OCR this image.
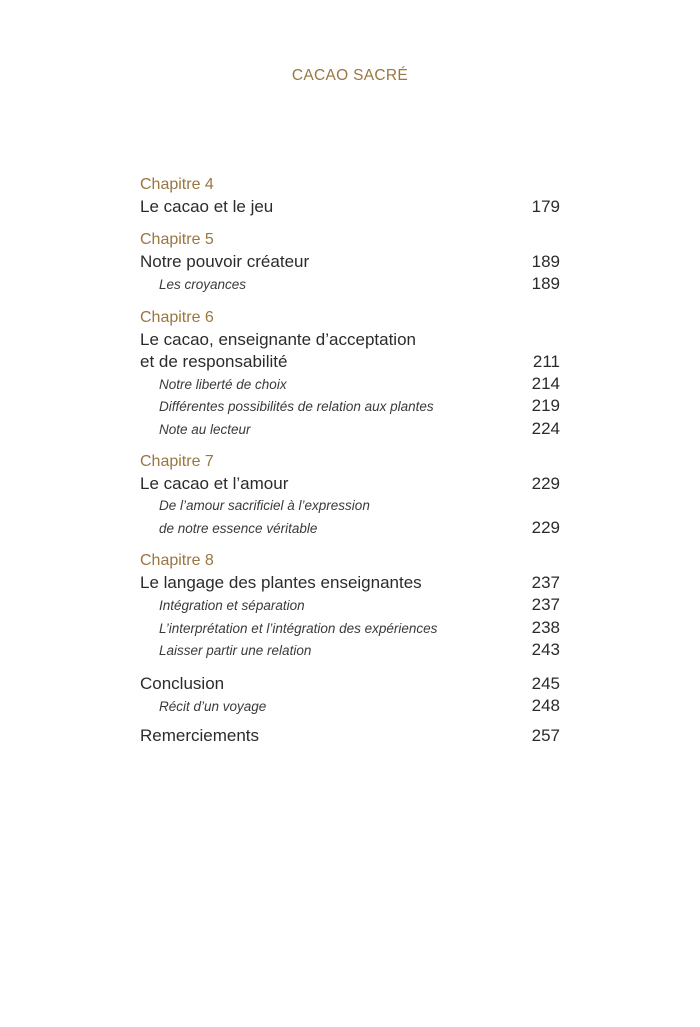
CACAO SACRÉ
Chapitre 4
Le cacao et le jeu	179
Chapitre 5
Notre pouvoir créateur	189
Les croyances	189
Chapitre 6
Le cacao, enseignante d’acceptation
et de responsabilité	211
Notre liberté de choix	214
Différentes possibilités de relation aux plantes	219
Note au lecteur	224
Chapitre 7
Le cacao et l’amour	229
De l’amour sacrificiel à l’expression
de notre essence véritable	229
Chapitre 8
Le langage des plantes enseignantes	237
Intégration et séparation	237
L’interprétation et l’intégration des expériences	238
Laisser partir une relation	243
Conclusion	245
Récit d’un voyage	248
Remerciements	257
